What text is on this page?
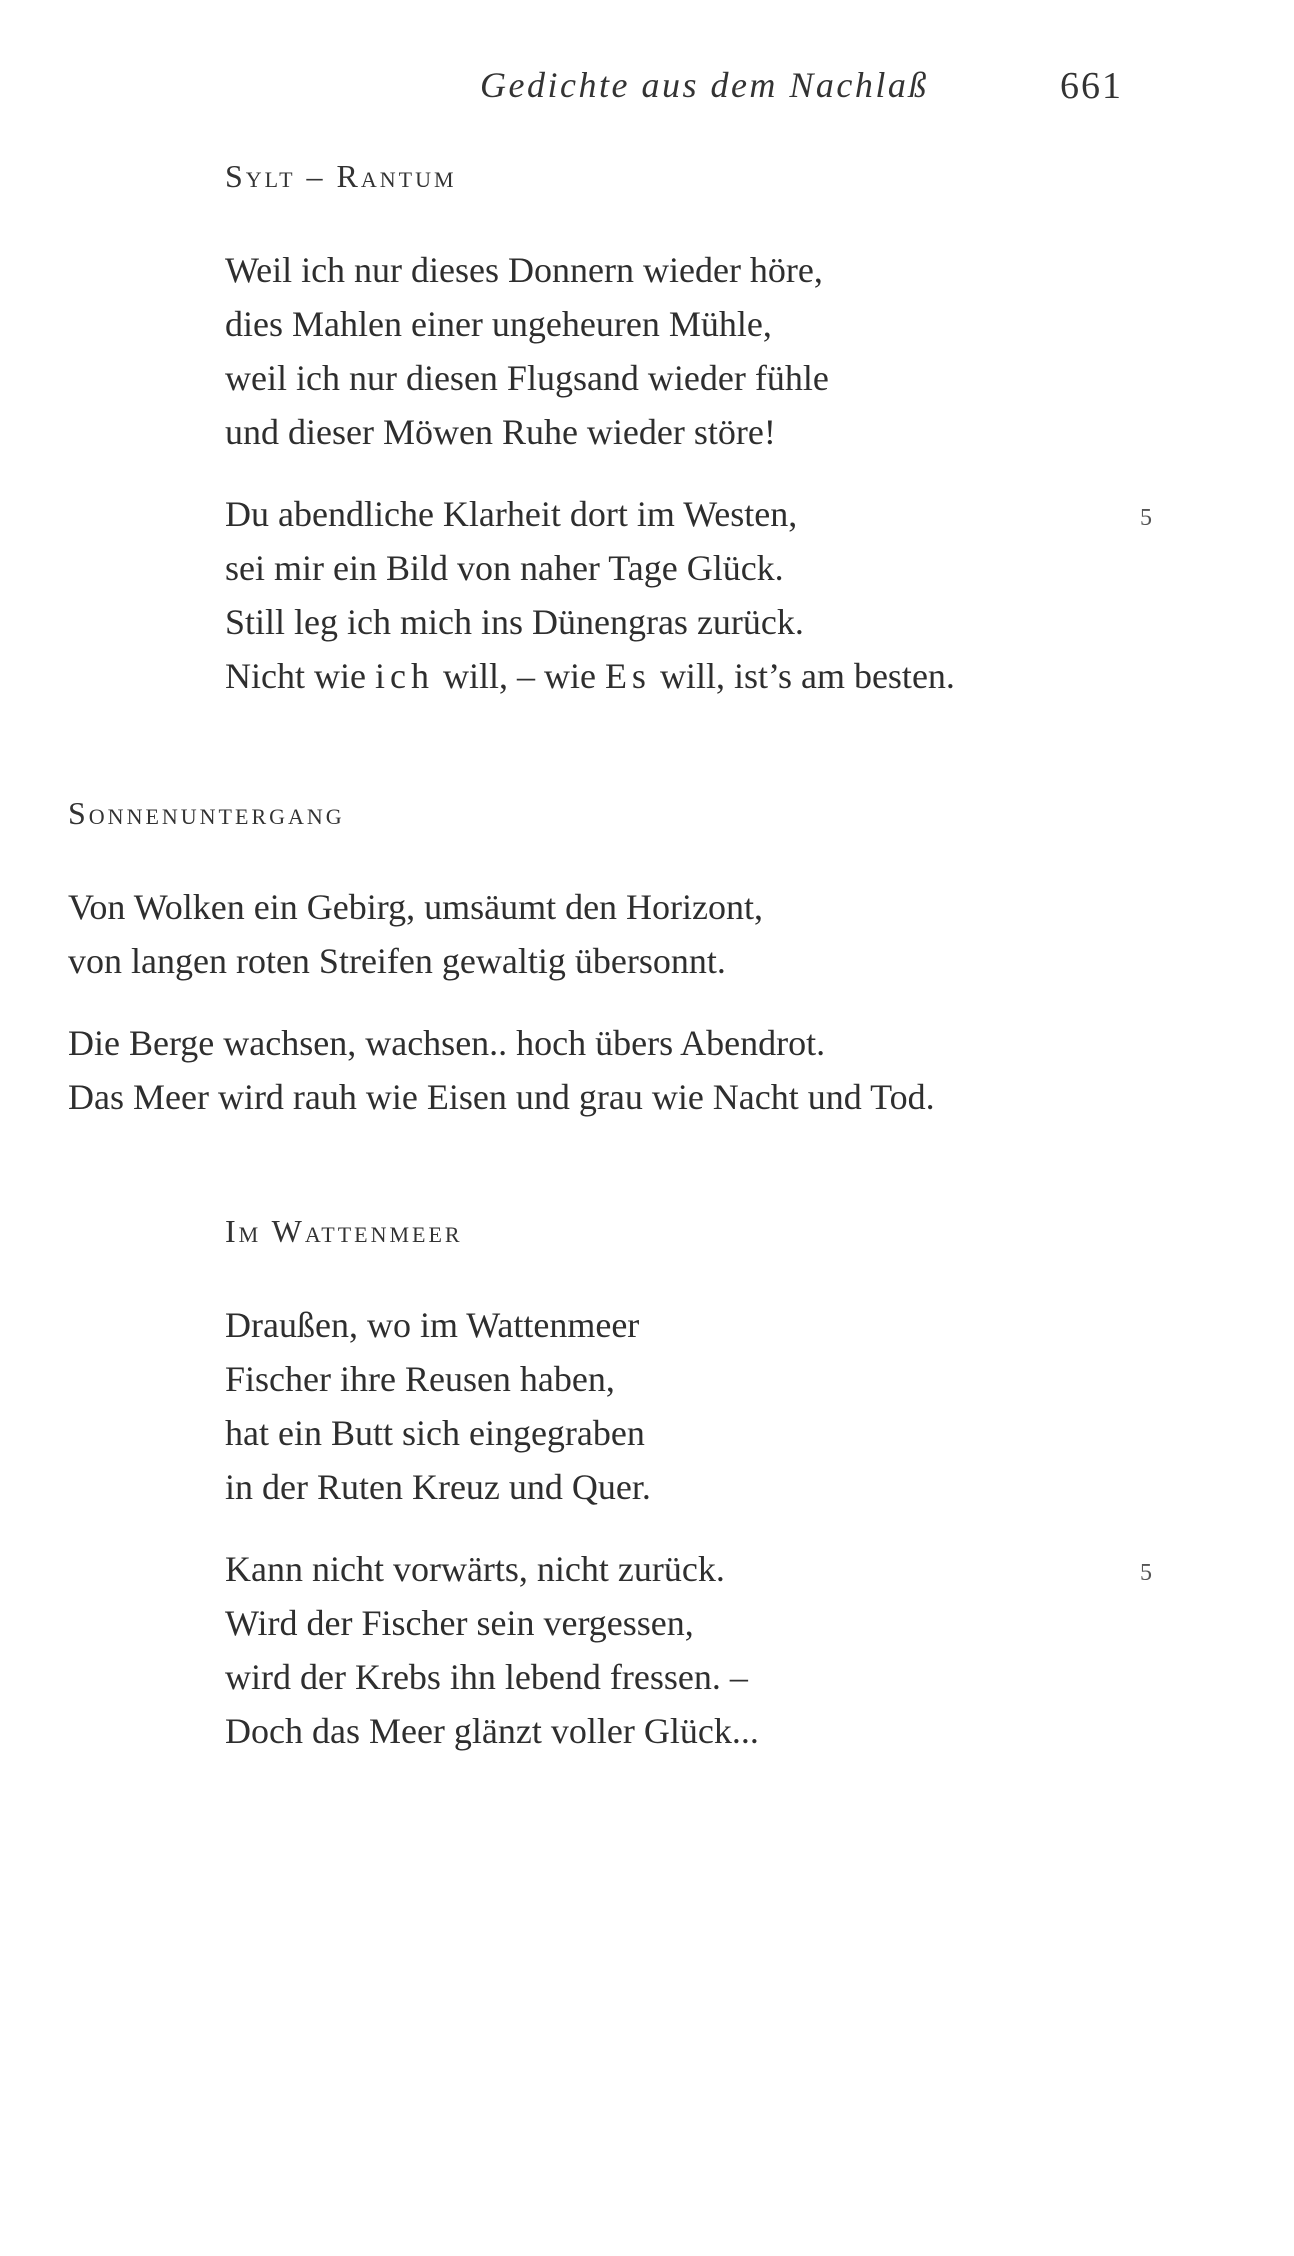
Gedichte aus dem Nachlaß	661
Sylt – Rantum
Weil ich nur dieses Donnern wieder höre,
dies Mahlen einer ungeheuren Mühle,
weil ich nur diesen Flugsand wieder fühle
und dieser Möwen Ruhe wieder störe!
Du abendliche Klarheit dort im Westen,	5
sei mir ein Bild von naher Tage Glück.
Still leg ich mich ins Dünengras zurück.
Nicht wie ich will, – wie Es will, ist’s am besten.
Sonnenuntergang
Von Wolken ein Gebirg, umsäumt den Horizont,
von langen roten Streifen gewaltig übersonnt.
Die Berge wachsen, wachsen.. hoch übers Abendrot.
Das Meer wird rauh wie Eisen und grau wie Nacht und Tod.
Im Wattenmeer
Draußen, wo im Wattenmeer
Fischer ihre Reusen haben,
hat ein Butt sich eingegraben
in der Ruten Kreuz und Quer.
Kann nicht vorwärts, nicht zurück.	5
Wird der Fischer sein vergessen,
wird der Krebs ihn lebend fressen. –
Doch das Meer glänzt voller Glück...
